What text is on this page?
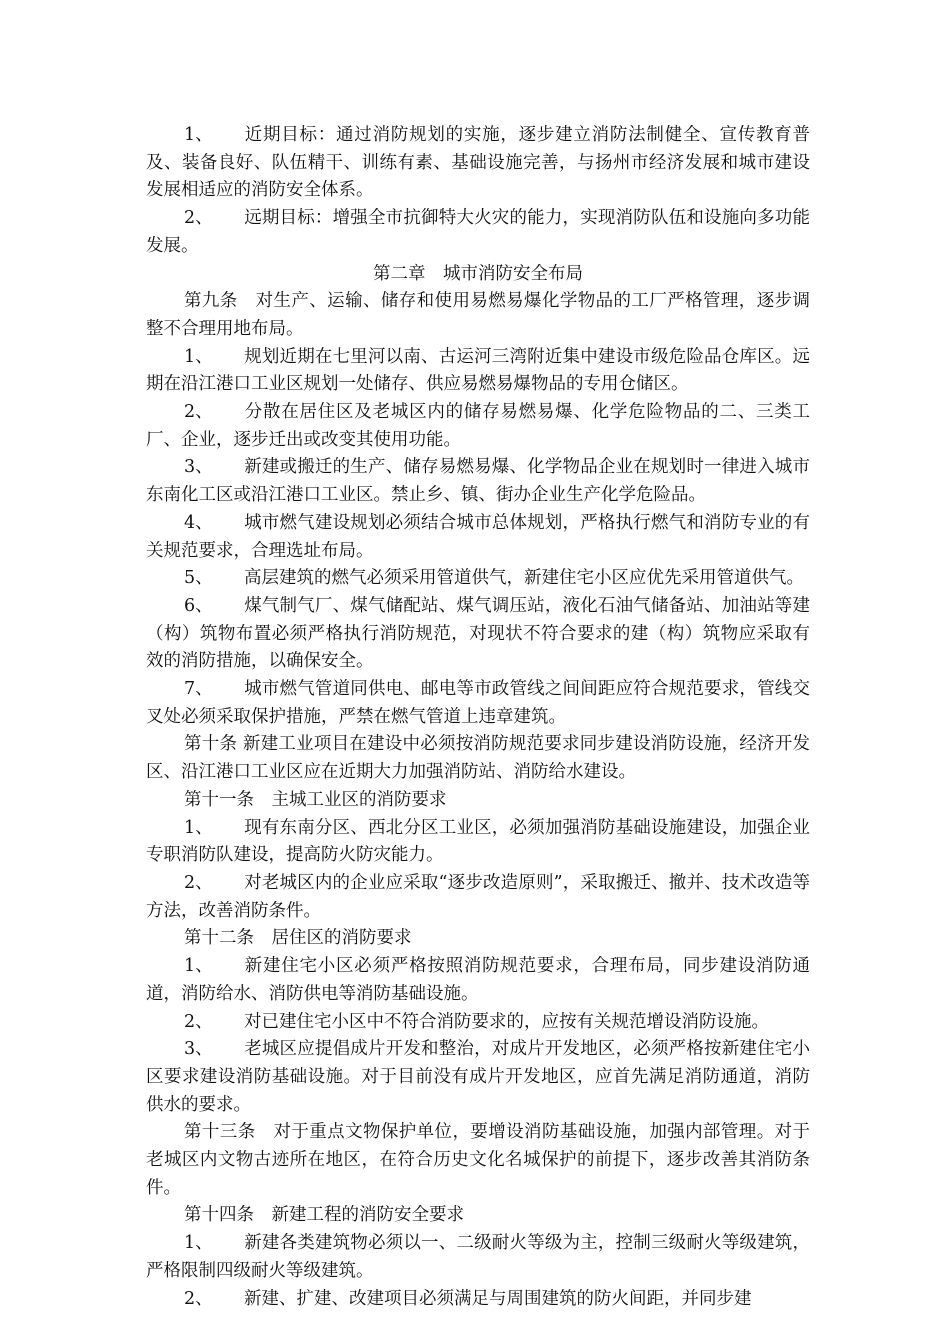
1、 近期目标：通过消防规划的实施，逐步建立消防法制健全、宣传教育普及、装备良好、队伍精干、训练有素、基础设施完善，与扬州市经济发展和城市建设发展相适应的消防安全体系。

2、 远期目标：增强全市抗御特大火灾的能力，实现消防队伍和设施向多功能发展。

第二章　城市消防安全布局

第九条　对生产、运输、储存和使用易燃易爆化学物品的工厂严格管理，逐步调整不合理用地布局。

1、 规划近期在七里河以南、古运河三湾附近集中建设市级危险品仓库区。远期在沿江港口工业区规划一处储存、供应易燃易爆物品的专用仓储区。

2、 分散在居住区及老城区内的储存易燃易爆、化学危险物品的二、三类工厂、企业，逐步迁出或改变其使用功能。

3、 新建或搬迁的生产、储存易燃易爆、化学物品企业在规划时一律进入城市东南化工区或沿江港口工业区。禁止乡、镇、街办企业生产化学危险品。

4、 城市燃气建设规划必须结合城市总体规划，严格执行燃气和消防专业的有关规范要求，合理选址布局。

5、 高层建筑的燃气必须采用管道供气，新建住宅小区应优先采用管道供气。

6、 煤气制气厂、煤气储配站、煤气调压站，液化石油气储备站、加油站等建（构）筑物布置必须严格执行消防规范，对现状不符合要求的建（构）筑物应采取有效的消防措施，以确保安全。

7、 城市燃气管道同供电、邮电等市政管线之间间距应符合规范要求，管线交叉处必须采取保护措施，严禁在燃气管道上违章建筑。

第十条 新建工业项目在建设中必须按消防规范要求同步建设消防设施，经济开发区、沿江港口工业区应在近期大力加强消防站、消防给水建设。

第十一条　主城工业区的消防要求

1、 现有东南分区、西北分区工业区，必须加强消防基础设施建设，加强企业专职消防队建设，提高防火防灾能力。

2、 对老城区内的企业应采取“逐步改造原则”，采取搬迁、撤并、技术改造等方法，改善消防条件。

第十二条　居住区的消防要求

1、 新建住宅小区必须严格按照消防规范要求，合理布局，同步建设消防通道，消防给水、消防供电等消防基础设施。

2、 对已建住宅小区中不符合消防要求的，应按有关规范增设消防设施。

3、 老城区应提倡成片开发和整治，对成片开发地区，必须严格按新建住宅小区要求建设消防基础设施。对于目前没有成片开发地区，应首先满足消防通道，消防供水的要求。

第十三条　对于重点文物保护单位，要增设消防基础设施，加强内部管理。对于老城区内文物古迹所在地区，在符合历史文化名城保护的前提下，逐步改善其消防条件。

第十四条　新建工程的消防安全要求

1、 新建各类建筑物必须以一、二级耐火等级为主，控制三级耐火等级建筑，严格限制四级耐火等级建筑。

2、 新建、扩建、改建项目必须满足与周围建筑的防火间距，并同步建
